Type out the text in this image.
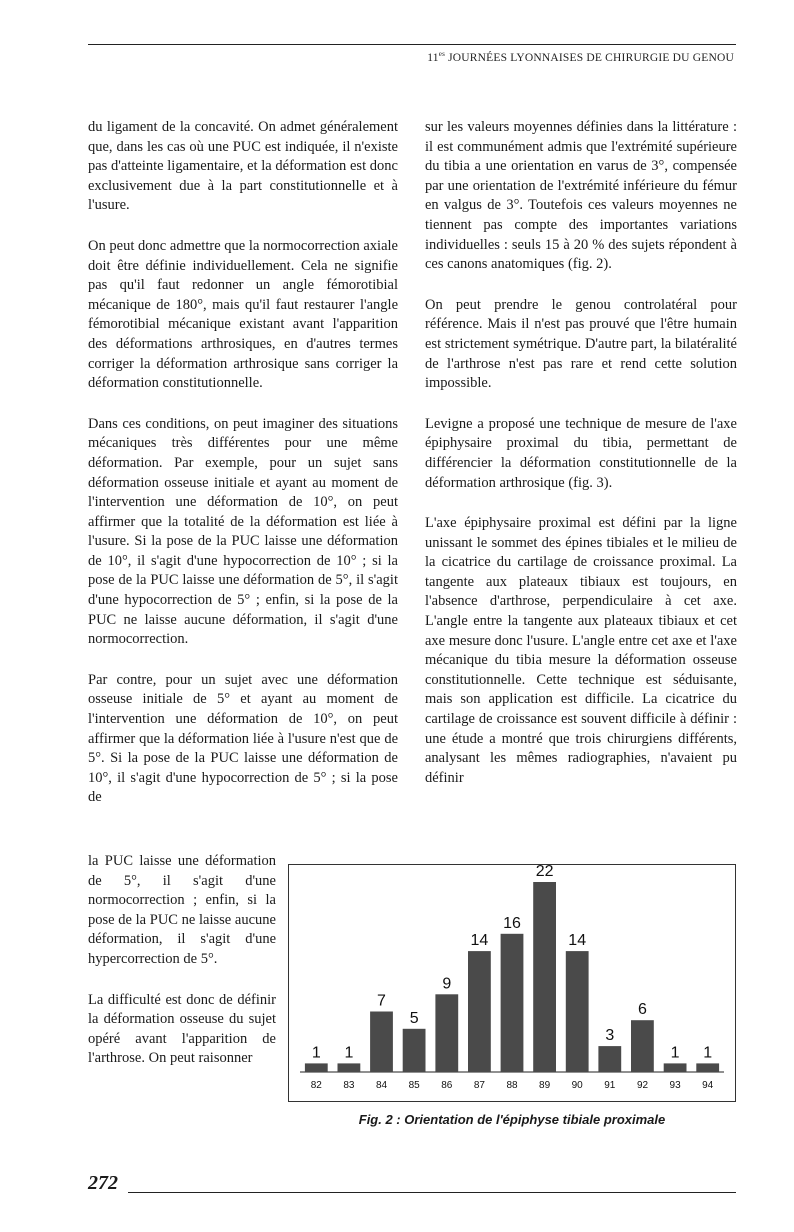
$11^{es}$ JOURNÉES LYONNAISES DE CHIRURGIE DU GENOU

du ligament de la concavité. On admet généralement que, dans les cas où une PUC est indiquée, il n'existe pas d'atteinte ligamentaire, et la déformation est donc exclusivement due à la part constitutionnelle et à l'usure.

On peut donc admettre que la normocorrection axiale doit être définie individuellement. Cela ne signifie pas qu'il faut redonner un angle fémorotibial mécanique de 180°, mais qu'il faut restaurer l'angle fémorotibial mécanique existant avant l'apparition des déformations arthrosiques, en d'autres termes corriger la déformation arthrosique sans corriger la déformation constitutionnelle.

Dans ces conditions, on peut imaginer des situations mécaniques très différentes pour une même déformation. Par exemple, pour un sujet sans déformation osseuse initiale et ayant au moment de l'intervention une déformation de 10°, on peut affirmer que la totalité de la déformation est liée à l'usure. Si la pose de la PUC laisse une déformation de 10°, il s'agit d'une hypocorrection de 10° ; si la pose de la PUC laisse une déformation de 5°, il s'agit d'une hypocorrection de 5° ; enfin, si la pose de la PUC ne laisse aucune déformation, il s'agit d'une normocorrection.

Par contre, pour un sujet avec une déformation osseuse initiale de 5° et ayant au moment de l'intervention une déformation de 10°, on peut affirmer que la déformation liée à l'usure n'est que de 5°. Si la pose de la PUC laisse une déformation de 10°, il s'agit d'une hypocorrection de 5° ; si la pose de

la PUC laisse une déformation de 5°, il s'agit d'une normocorrection ; enfin, si la pose de la PUC ne laisse aucune déformation, il s'agit d'une hypercorrection de 5°.

La difficulté est donc de définir la déformation osseuse du sujet opéré avant l'apparition de l'arthrose. On peut raisonner

sur les valeurs moyennes définies dans la littérature : il est communément admis que l'extrémité supérieure du tibia a une orientation en varus de 3°, compensée par une orientation de l'extrémité inférieure du fémur en valgus de 3°. Toutefois ces valeurs moyennes ne tiennent pas compte des importantes variations individuelles : seuls 15 à 20 % des sujets répondent à ces canons anatomiques (fig. 2).

On peut prendre le genou controlatéral pour référence. Mais il n'est pas prouvé que l'être humain est strictement symétrique. D'autre part, la bilatéralité de l'arthrose n'est pas rare et rend cette solution impossible.

Levigne a proposé une technique de mesure de l'axe épiphysaire proximal du tibia, permettant de différencier la déformation constitutionnelle de la déformation arthrosique (fig. 3).

L'axe épiphysaire proximal est défini par la ligne unissant le sommet des épines tibiales et le milieu de la cicatrice du cartilage de croissance proximal. La tangente aux plateaux tibiaux est toujours, en l'absence d'arthrose, perpendiculaire à cet axe. L'angle entre la tangente aux plateaux tibiaux et cet axe mesure donc l'usure. L'angle entre cet axe et l'axe mécanique du tibia mesure la déformation osseuse constitutionnelle. Cette technique est séduisante, mais son application est difficile. La cicatrice du cartilage de croissance est souvent difficile à définir : une étude a montré que trois chirurgiens différents, analysant les mêmes radiographies, n'avaient pu définir

1
82
1
83
7
84
5
85
9
86
14
87
16
88
22
89
14
90
3
91
6
92
1
93
1
94
Fig. 2 : Orientation de l'épiphyse tibiale proximale
272
